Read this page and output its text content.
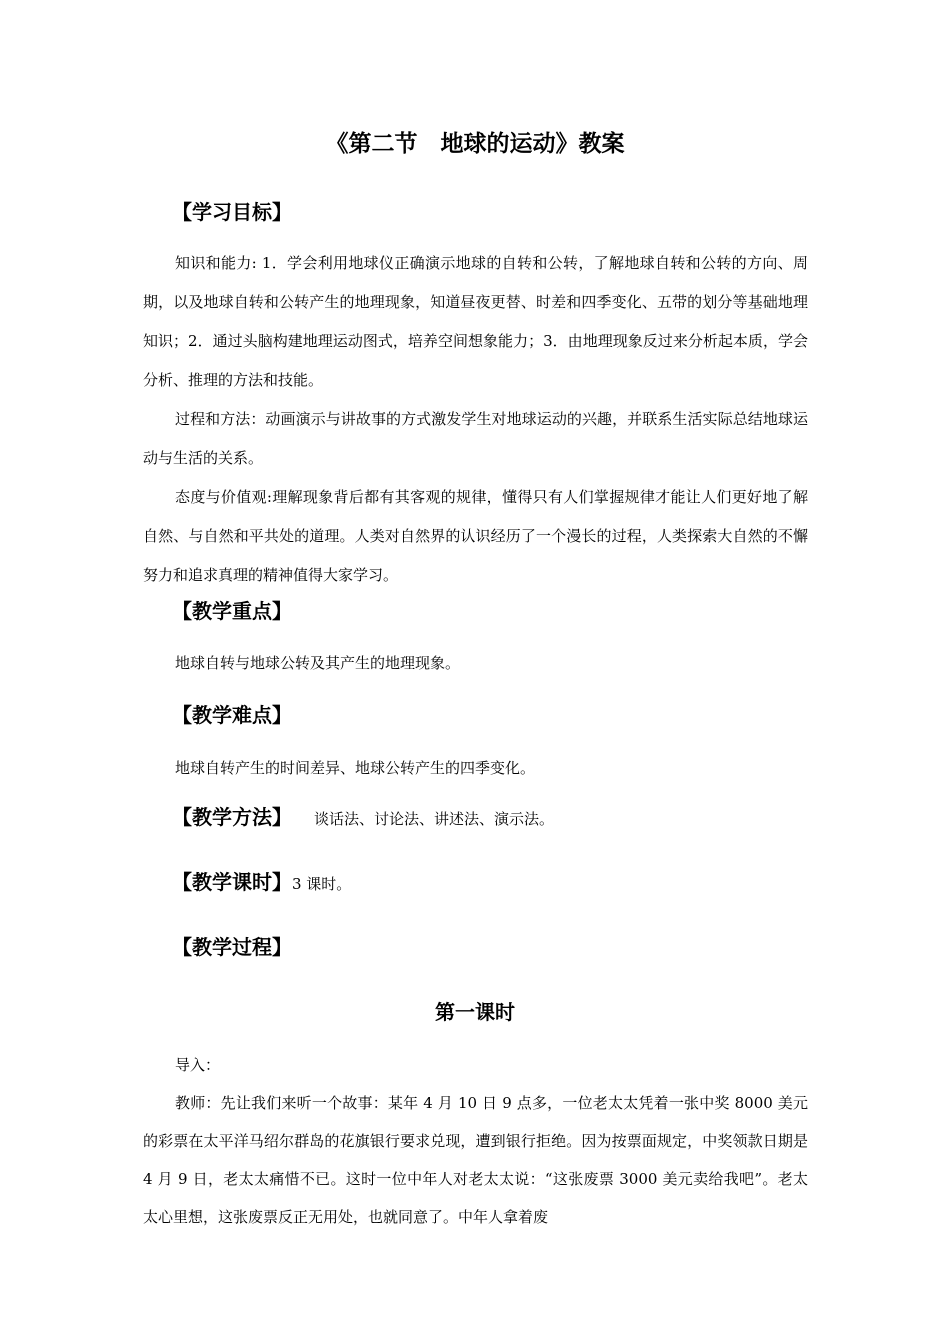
《第二节　地球的运动》教案
【学习目标】
知识和能力: 1．学会利用地球仪正确演示地球的自转和公转，了解地球自转和公转的方向、周期，以及地球自转和公转产生的地理现象，知道昼夜更替、时差和四季变化、五带的划分等基础地理知识；2．通过头脑构建地理运动图式，培养空间想象能力；3．由地理现象反过来分析起本质，学会分析、推理的方法和技能。
过程和方法：动画演示与讲故事的方式激发学生对地球运动的兴趣，并联系生活实际总结地球运动与生活的关系。
态度与价值观:理解现象背后都有其客观的规律，懂得只有人们掌握规律才能让人们更好地了解自然、与自然和平共处的道理。人类对自然界的认识经历了一个漫长的过程，人类探索大自然的不懈努力和追求真理的精神值得大家学习。
【教学重点】
地球自转与地球公转及其产生的地理现象。
【教学难点】
地球自转产生的时间差异、地球公转产生的四季变化。
【教学方法】 谈话法、讨论法、讲述法、演示法。
【教学课时】3 课时。
【教学过程】
第一课时
导入：
教师：先让我们来听一个故事：某年 4 月 10 日 9 点多，一位老太太凭着一张中奖 8000 美元的彩票在太平洋马绍尔群岛的花旗银行要求兑现，遭到银行拒绝。因为按票面规定，中奖领款日期是 4 月 9 日，老太太痛惜不已。这时一位中年人对老太太说：“这张废票 3000 美元卖给我吧”。老太太心里想，这张废票反正无用处，也就同意了。中年人拿着废
